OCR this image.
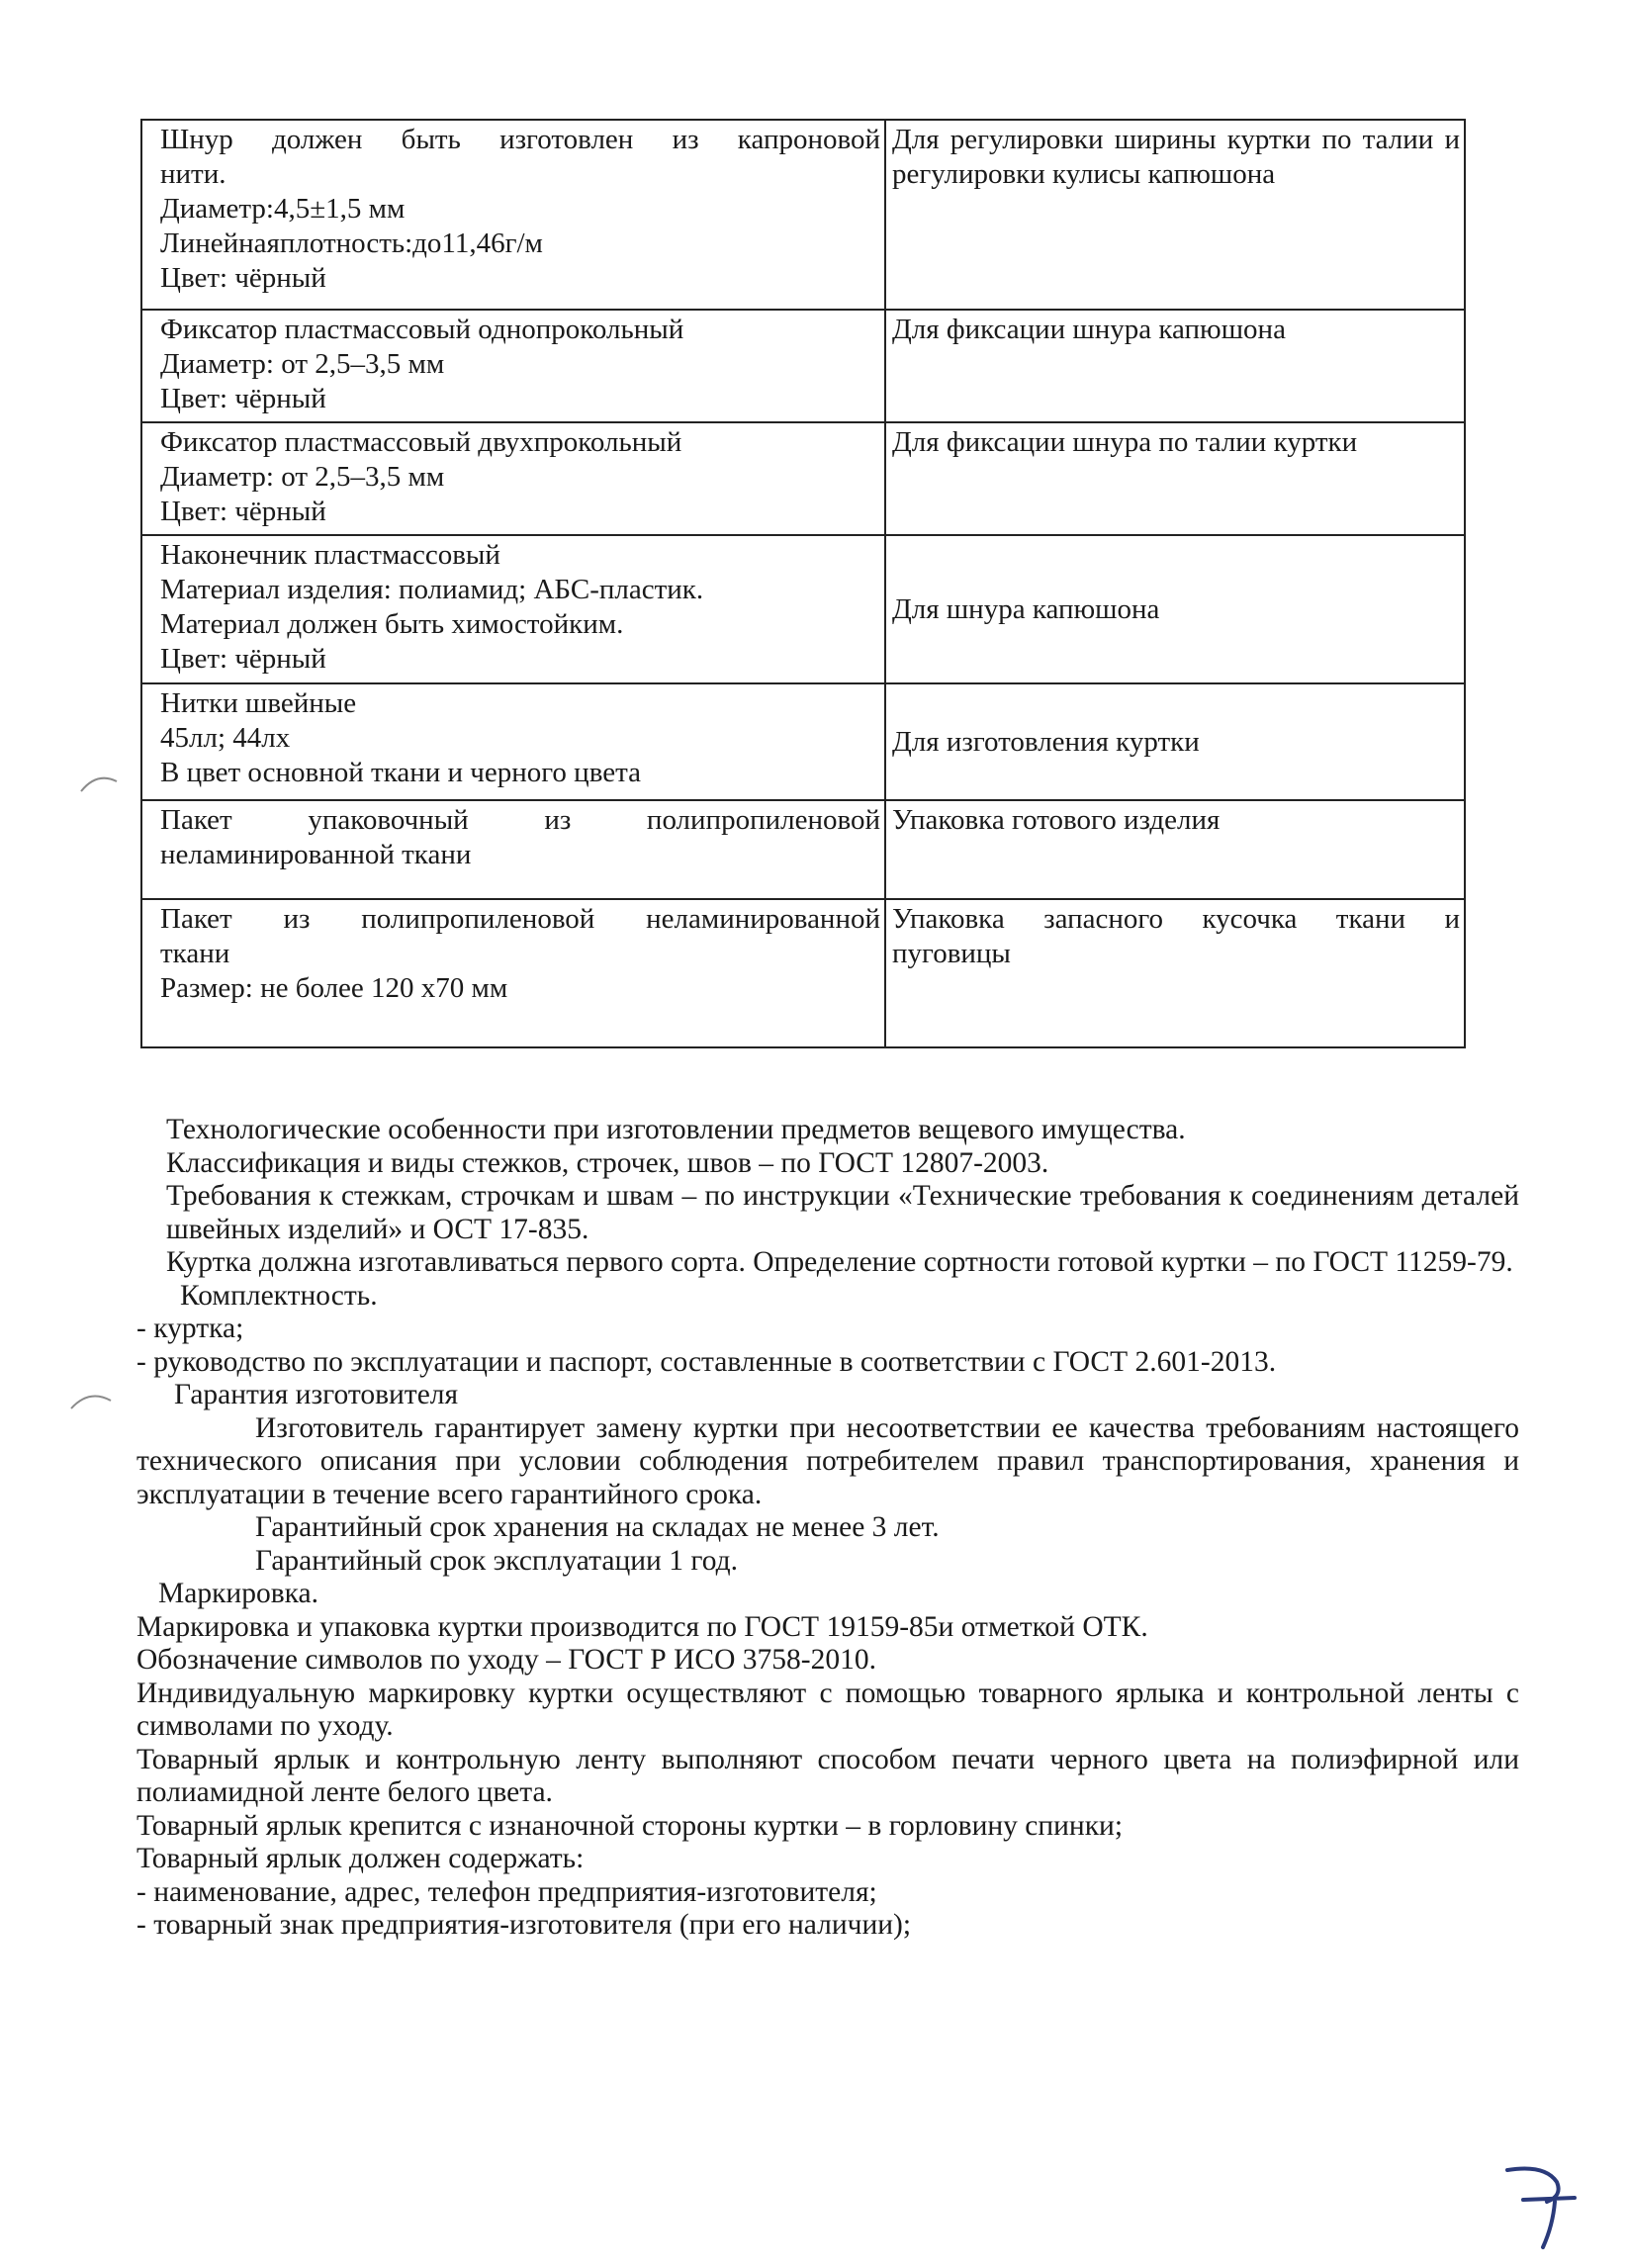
Шнур должен быть изготовлен из капроновой
нити.
Диаметр:4,5±1,5 мм
Линейнаяплотность:до11,46г/м
Цвет: чёрный	Для регулировки ширины куртки по талии и
регулировки кулисы капюшона

Фиксатор пластмассовый однопрокольный
Диаметр: от 2,5–3,5 мм
Цвет: чёрный	Для фиксации шнура капюшона

Фиксатор пластмассовый двухпрокольный
Диаметр: от 2,5–3,5 мм
Цвет: чёрный	Для фиксации шнура по талии куртки

Наконечник пластмассовый
Материал изделия: полиамид; АБС-пластик.
Материал должен быть химостойким.
Цвет: чёрный	Для шнура капюшона

Нитки швейные
45лл; 44лх
В цвет основной ткани и черного цвета	Для изготовления куртки

Пакет упаковочный из полипропиленовой
неламинированной ткани	Упаковка готового изделия

Пакет из полипропиленовой неламинированной
ткани
Размер: не более 120 х70 мм	Упаковка запасного кусочка ткани и
пуговицы

Технологические особенности при изготовлении предметов вещевого имущества.

Классификация и виды стежков, строчек, швов – по ГОСТ 12807-2003.

Требования к стежкам, строчкам и швам – по инструкции «Технические требования к соединениям деталей швейных изделий» и ОСТ 17-835.

Куртка должна изготавливаться первого сорта. Определение сортности готовой куртки – по ГОСТ 11259-79.

Комплектность.

- куртка;

- руководство по эксплуатации и паспорт, составленные в соответствии с ГОСТ 2.601-2013.

Гарантия изготовителя

Изготовитель гарантирует замену куртки при несоответствии ее качества требованиям настоящего технического описания при условии соблюдения потребителем правил транспортирования, хранения и эксплуатации в течение всего гарантийного срока.

Гарантийный срок хранения на складах не менее 3 лет.

Гарантийный срок эксплуатации 1 год.

Маркировка.

Маркировка и упаковка куртки производится по ГОСТ 19159-85и отметкой ОТК.

Обозначение символов по уходу – ГОСТ Р ИСО 3758-2010.

Индивидуальную маркировку куртки осуществляют с помощью товарного ярлыка и контрольной ленты с символами по уходу.

Товарный ярлык и контрольную ленту выполняют способом печати черного цвета на полиэфирной или полиамидной ленте белого цвета.

Товарный ярлык крепится с изнаночной стороны куртки – в горловину спинки;

Товарный ярлык должен содержать:

- наименование, адрес, телефон предприятия-изготовителя;

- товарный знак предприятия-изготовителя (при его наличии);
